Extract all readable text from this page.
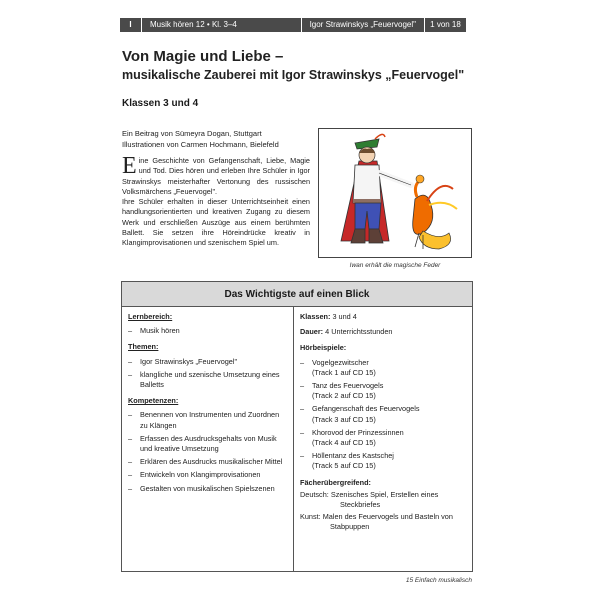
I	Musik hören 12 • Kl. 3–4	Igor Strawinskys „Feuervogel"	1 von 18
Von Magie und Liebe –
musikalische Zauberei mit Igor Strawinskys „Feuervogel"
Klassen 3 und 4
Ein Beitrag von Sümeyra Dogan, Stuttgart
Illustrationen von Carmen Hochmann, Bielefeld

Eine Geschichte von Gefangenschaft, Liebe, Magie und Tod. Dies hören und erleben Ihre Schüler in Igor Strawinskys meisterhafter Vertonung des russischen Volksmärchens „Feuervogel".

Ihre Schüler erhalten in dieser Unterrichtseinheit einen handlungsorientierten und kreativen Zugang zu diesem Werk und erschließen Auszüge aus einem berühmten Ballett. Sie setzen ihre Höreindrücke kreativ in Klangimprovisationen und szenischem Spiel um.

Iwan erhält die magische Feder
Das Wichtigste auf einen Blick
Lernbereich:
– Musik hören
Themen:
– Igor Strawinskys „Feuervogel"
– klangliche und szenische Umsetzung eines Balletts
Kompetenzen:
– Benennen von Instrumenten und Zuordnen zu Klängen
– Erfassen des Ausdrucksgehalts von Musik und kreative Umsetzung
– Erklären des Ausdrucks musikalischer Mittel
– Entwickeln von Klangimprovisationen
– Gestalten von musikalischen Spielszenen
Klassen: 3 und 4
Dauer: 4 Unterrichtsstunden
Hörbeispiele:
– Vogelgezwitscher
(Track 1 auf CD 15)
– Tanz des Feuervogels
(Track 2 auf CD 15)
– Gefangenschaft des Feuervogels
(Track 3 auf CD 15)
– Khorovod der Prinzessinnen
(Track 4 auf CD 15)
– Höllentanz des Kastschej
(Track 5 auf CD 15)
Fächerübergreifend:
Deutsch: Szenisches Spiel, Erstellen eines Steckbriefes
Kunst: Malen des Feuervogels und Basteln von Stabpuppen
15 Einfach musikalisch
